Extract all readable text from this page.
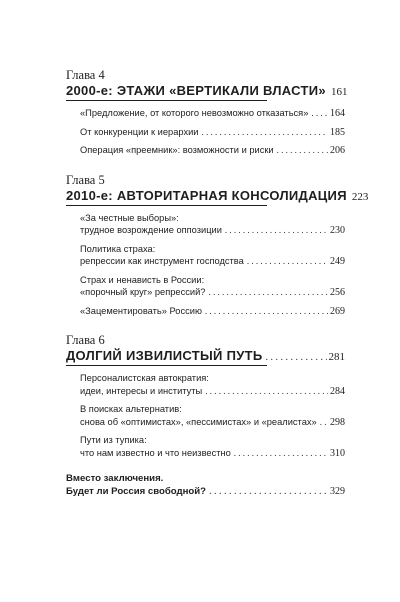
Глава 4
2000-е: ЭТАЖИ «ВЕРТИКАЛИ ВЛАСТИ» 161
«Предложение, от которого невозможно отказаться» . . . 164
От конкуренции к иерархии . . .	185
Операция «преемник»: возможности и риски . . .	206
Глава 5
2010-е: АВТОРИТАРНАЯ КОНСОЛИДАЦИЯ 223
«За честные выборы»:
трудное возрождение оппозиции . . .	230
Политика страха:
репрессии как инструмент господства . . .	249
Страх и ненависть в России:
«порочный круг» репрессий? . . .	256
«Зацементировать» Россию . . .	269
Глава 6
ДОЛГИЙ ИЗВИЛИСТЫЙ ПУТЬ . . .	281
Персоналистская автократия:
идеи, интересы и институты . . .	284
В поисках альтернатив:
снова об «оптимистах», «пессимистах» и «реалистах» . . . 298
Пути из тупика:
что нам известно и что неизвестно . . .	310
Вместо заключения.
Будет ли Россия свободной? . . .	329
